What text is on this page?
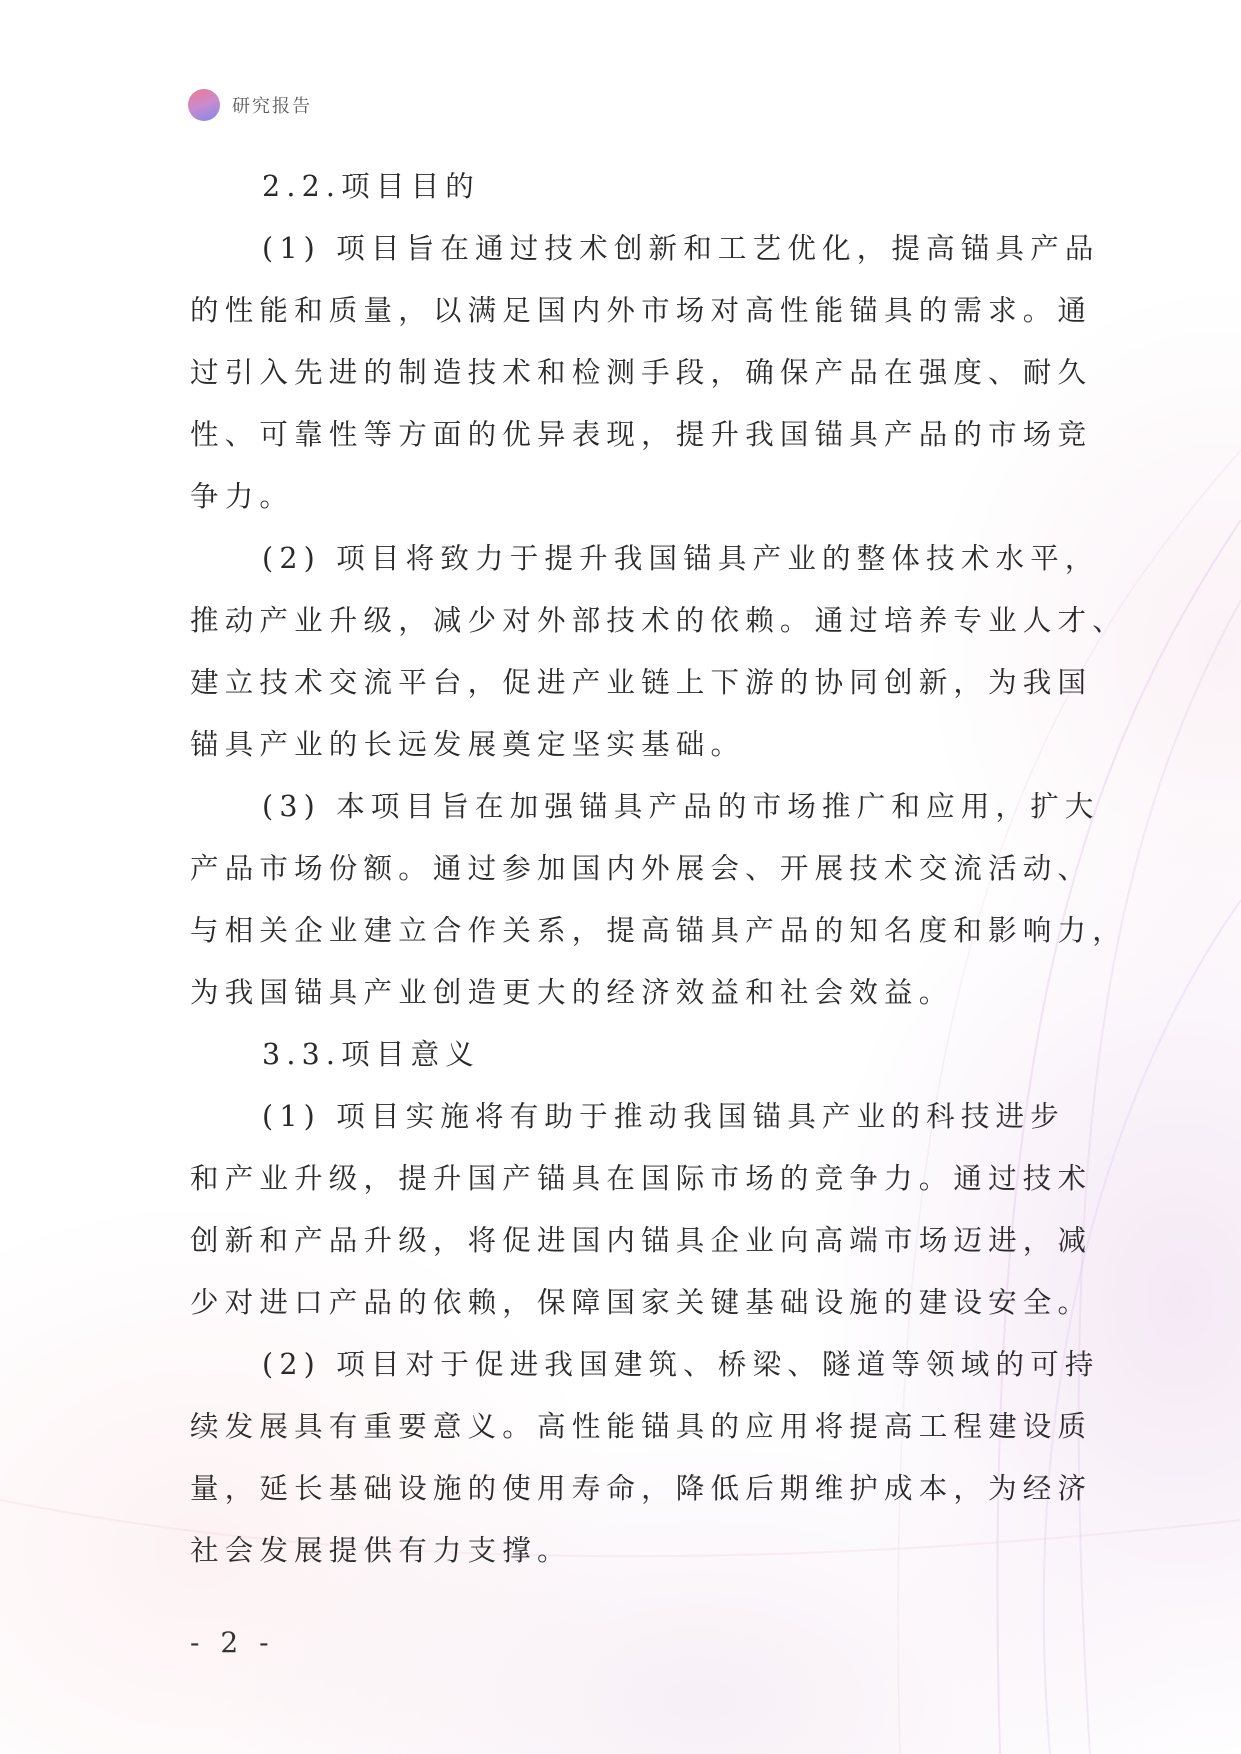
研究报告
2.2.项目目的
(1) 项目旨在通过技术创新和工艺优化，提高锚具产品
的性能和质量，以满足国内外市场对高性能锚具的需求。通
过引入先进的制造技术和检测手段，确保产品在强度、耐久
性、可靠性等方面的优异表现，提升我国锚具产品的市场竞
争力。
(2) 项目将致力于提升我国锚具产业的整体技术水平，
推动产业升级，减少对外部技术的依赖。通过培养专业人才、
建立技术交流平台，促进产业链上下游的协同创新，为我国
锚具产业的长远发展奠定坚实基础。
(3) 本项目旨在加强锚具产品的市场推广和应用，扩大
产品市场份额。通过参加国内外展会、开展技术交流活动、
与相关企业建立合作关系，提高锚具产品的知名度和影响力，
为我国锚具产业创造更大的经济效益和社会效益。
3.3.项目意义
(1) 项目实施将有助于推动我国锚具产业的科技进步
和产业升级，提升国产锚具在国际市场的竞争力。通过技术
创新和产品升级，将促进国内锚具企业向高端市场迈进，减
少对进口产品的依赖，保障国家关键基础设施的建设安全。
(2) 项目对于促进我国建筑、桥梁、隧道等领域的可持
续发展具有重要意义。高性能锚具的应用将提高工程建设质
量，延长基础设施的使用寿命，降低后期维护成本，为经济
社会发展提供有力支撑。
- 2 -
